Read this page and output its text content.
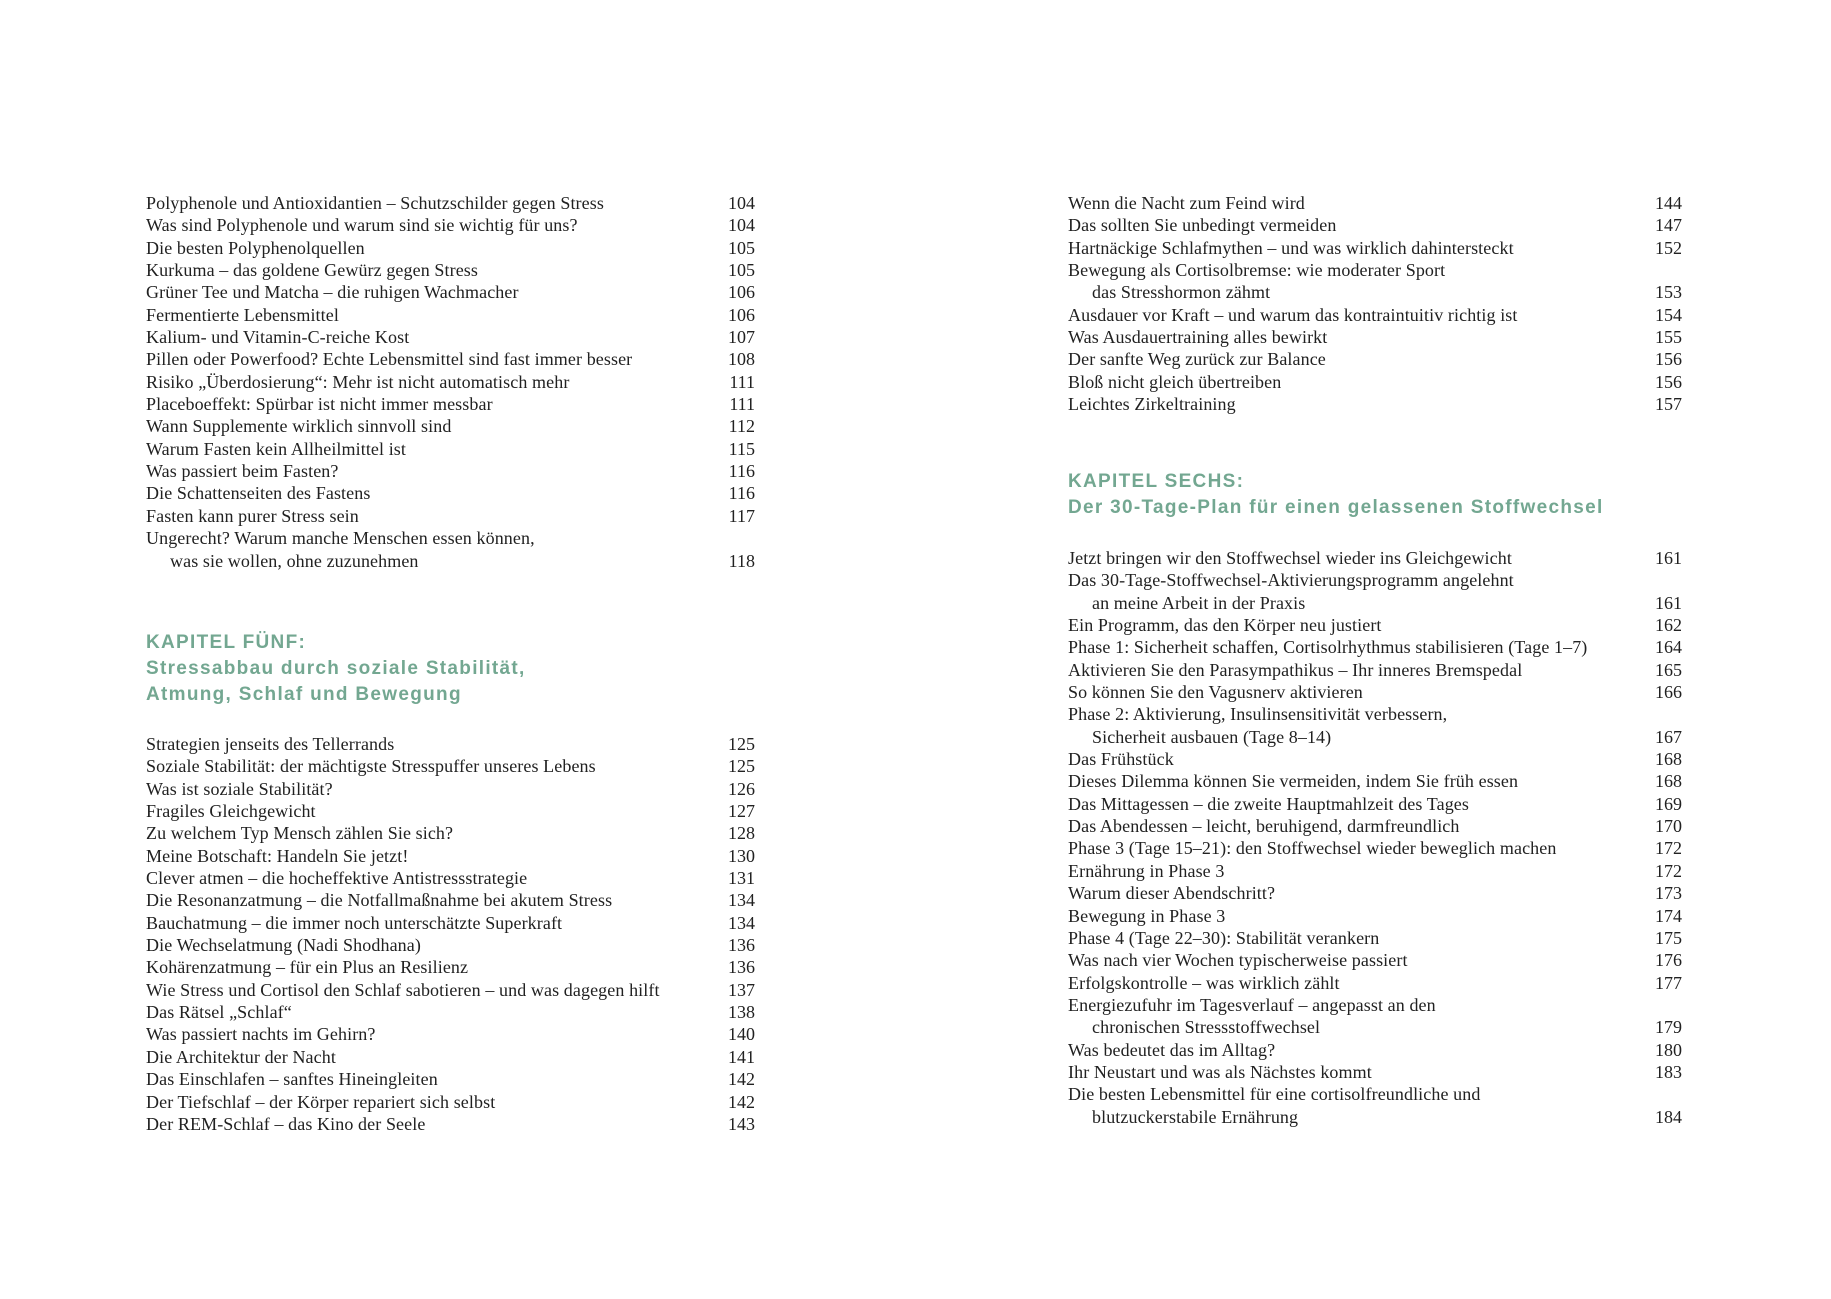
Polyphenole und Antioxidantien – Schutzschilder gegen Stress	104
Was sind Polyphenole und warum sind sie wichtig für uns?	104
Die besten Polyphenolquellen	105
Kurkuma – das goldene Gewürz gegen Stress	105
Grüner Tee und Matcha – die ruhigen Wachmacher	106
Fermentierte Lebensmittel	106
Kalium- und Vitamin-C-reiche Kost	107
Pillen oder Powerfood? Echte Lebensmittel sind fast immer besser	108
Risiko „Überdosierung“: Mehr ist nicht automatisch mehr	111
Placeboeffekt: Spürbar ist nicht immer messbar	111
Wann Supplemente wirklich sinnvoll sind	112
Warum Fasten kein Allheilmittel ist	115
Was passiert beim Fasten?	116
Die Schattenseiten des Fastens	116
Fasten kann purer Stress sein	117
Ungerecht? Warum manche Menschen essen können,
was sie wollen, ohne zuzunehmen	118
KAPITEL FÜNF:
Stressabbau durch soziale Stabilität,
Atmung, Schlaf und Bewegung
Strategien jenseits des Tellerrands	125
Soziale Stabilität: der mächtigste Stresspuffer unseres Lebens	125
Was ist soziale Stabilität?	126
Fragiles Gleichgewicht	127
Zu welchem Typ Mensch zählen Sie sich?	128
Meine Botschaft: Handeln Sie jetzt!	130
Clever atmen – die hocheffektive Antistressstrategie	131
Die Resonanzatmung – die Notfallmaßnahme bei akutem Stress	134
Bauchatmung – die immer noch unterschätzte Superkraft	134
Die Wechselatmung (Nadi Shodhana)	136
Kohärenzatmung – für ein Plus an Resilienz	136
Wie Stress und Cortisol den Schlaf sabotieren – und was dagegen hilft	137
Das Rätsel „Schlaf“	138
Was passiert nachts im Gehirn?	140
Die Architektur der Nacht	141
Das Einschlafen – sanftes Hineingleiten	142
Der Tiefschlaf – der Körper repariert sich selbst	142
Der REM-Schlaf – das Kino der Seele	143
Wenn die Nacht zum Feind wird	144
Das sollten Sie unbedingt vermeiden	147
Hartnäckige Schlafmythen – und was wirklich dahintersteckt	152
Bewegung als Cortisolbremse: wie moderater Sport
das Stresshormon zähmt	153
Ausdauer vor Kraft – und warum das kontraintuitiv richtig ist	154
Was Ausdauertraining alles bewirkt	155
Der sanfte Weg zurück zur Balance	156
Bloß nicht gleich übertreiben	156
Leichtes Zirkeltraining	157
KAPITEL SECHS:
Der 30-Tage-Plan für einen gelassenen Stoffwechsel
Jetzt bringen wir den Stoffwechsel wieder ins Gleichgewicht	161
Das 30-Tage-Stoffwechsel-Aktivierungsprogramm angelehnt
an meine Arbeit in der Praxis	161
Ein Programm, das den Körper neu justiert	162
Phase 1: Sicherheit schaffen, Cortisolrhythmus stabilisieren (Tage 1–7)	164
Aktivieren Sie den Parasympathikus – Ihr inneres Bremspedal	165
So können Sie den Vagusnerv aktivieren	166
Phase 2: Aktivierung, Insulinsensitivität verbessern,
Sicherheit ausbauen (Tage 8–14)	167
Das Frühstück	168
Dieses Dilemma können Sie vermeiden, indem Sie früh essen	168
Das Mittagessen – die zweite Hauptmahlzeit des Tages	169
Das Abendessen – leicht, beruhigend, darmfreundlich	170
Phase 3 (Tage 15–21): den Stoffwechsel wieder beweglich machen	172
Ernährung in Phase 3	172
Warum dieser Abendschritt?	173
Bewegung in Phase 3	174
Phase 4 (Tage 22–30): Stabilität verankern	175
Was nach vier Wochen typischerweise passiert	176
Erfolgskontrolle – was wirklich zählt	177
Energiezufuhr im Tagesverlauf – angepasst an den
chronischen Stressstoffwechsel	179
Was bedeutet das im Alltag?	180
Ihr Neustart und was als Nächstes kommt	183
Die besten Lebensmittel für eine cortisolfreundliche und
blutzuckerstabile Ernährung	184
